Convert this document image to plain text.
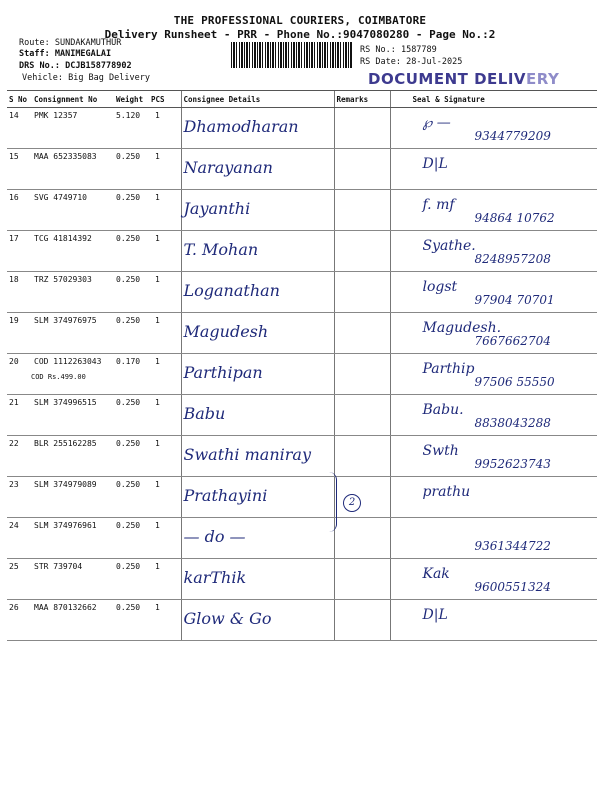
THE PROFESSIONAL COURIERS, COIMBATORE
Delivery Runsheet - PRR - Phone No.:9047080280 - Page No.:2
Route: SUNDAKAMUTHUR
Staff: MANIMEGALAI
DRS No.: DCJB158778902
Vehicle: Big Bag Delivery
RS No.: 1587789
RS Date: 28-Jul-2025
DOCUMENT DELIVERY
S No	Consignment No	Weight	PCS	Consignee Details	Remarks	Seal & Signature
14	PMK 12357	5.120	1	Dhamodharan		℘ —
9344779209

15	MAA 652335083	0.250	1	Narayanan		D|L

16	SVG 4749710	0.250	1	Jayanthi		f. mf
94864 10762

17	TCG 41814392	0.250	1	T. Mohan		Syathe.
8248957208

18	TRZ 57029303	0.250	1	Loganathan		logst
97904 70701

19	SLM 374976975	0.250	1	Magudesh		Magudesh.
7667662704

20	COD 1112263043
COD Rs.499.00	0.170	1	Parthipan		Parthip
97506 55550

21	SLM 374996515	0.250	1	Babu		Babu.
8838043288

22	BLR 255162285	0.250	1	Swathi maniray		Swth
9952623743

23	SLM 374979089	0.250	1	Prathayini		prathu

24	SLM 374976961	0.250	1	— do —		9361344722

25	STR 739704	0.250	1	karThik		Kak
9600551324

26	MAA 870132662	0.250	1	Glow & Go		D|L
2
